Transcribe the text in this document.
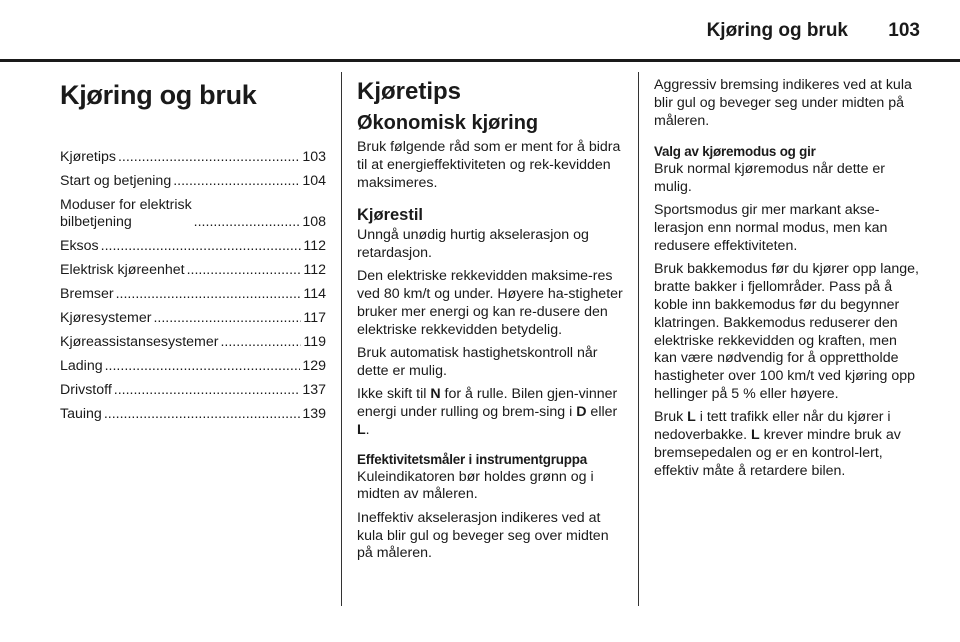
Kjøring og bruk 103
Kjøring og bruk
Kjøretips .....	103
Start og betjening .....	104
Moduser for elektrisk
bilbetjening .....	108
Eksos .....	112
Elektrisk kjøreenhet .....	112
Bremser .....	114
Kjøresystemer .....	117
Kjøreassistansesystemer .....	119
Lading .....	129
Drivstoff .....	137
Tauing .....	139
Kjøretips
Økonomisk kjøring

Bruk følgende råd som er ment for å bidra til at energieffektiviteten og rek-kevidden maksimeres.

Kjørestil

Unngå unødig hurtig akselerasjon og retardasjon.

Den elektriske rekkevidden maksime-res ved 80 km/t og under. Høyere ha-stigheter bruker mer energi og kan re-dusere den elektriske rekkevidden betydelig.

Bruk automatisk hastighetskontroll når dette er mulig.

Ikke skift til N for å rulle. Bilen gjen-vinner energi under rulling og brem-sing i D eller L.

Effektivitetsmåler i instrumentgruppa

Kuleindikatoren bør holdes grønn og i midten av måleren.

Ineffektiv akselerasjon indikeres ved at kula blir gul og beveger seg over midten på måleren.

Aggressiv bremsing indikeres ved at kula blir gul og beveger seg under midten på måleren.

Valg av kjøremodus og gir

Bruk normal kjøremodus når dette er mulig.

Sportsmodus gir mer markant akse-lerasjon enn normal modus, men kan redusere effektiviteten.

Bruk bakkemodus før du kjører opp lange, bratte bakker i fjellområder. Pass på å koble inn bakkemodus før du begynner klatringen. Bakkemodus reduserer den elektriske rekkevidden og kraften, men kan være nødvendig for å opprettholde hastigheter over 100 km/t ved kjøring opp hellinger på 5 % eller høyere.

Bruk L i tett trafikk eller når du kjører i nedoverbakke. L krever mindre bruk av bremsepedalen og er en kontrol-lert, effektiv måte å retardere bilen.
